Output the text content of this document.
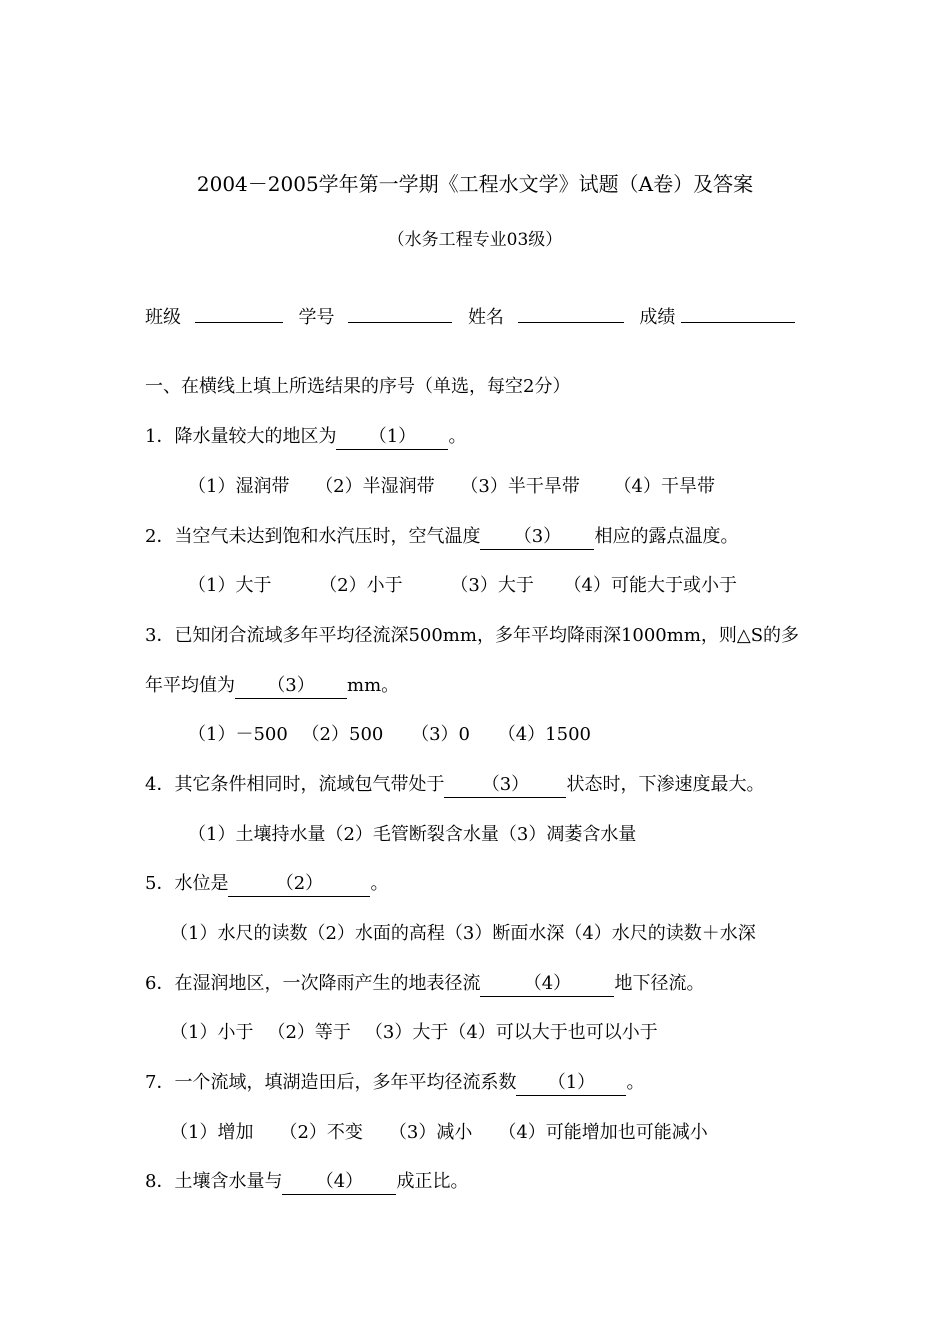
2004－2005学年第一学期《工程水文学》试题（A卷）及答案
（水务工程专业03级）
班级	学号	姓名	成绩
一、在横线上填上所选结果的序号（单选，每空2分）
1．降水量较大的地区为 （1） 。
（1）湿润带 （2）半湿润带 （3）半干旱带 （4）干旱带
2．当空气未达到饱和水汽压时，空气温度 （3） 相应的露点温度。
（1）大于	（2）小于	（3）大于 （4）可能大于或小于
3．已知闭合流域多年平均径流深500mm，多年平均降雨深1000mm，则△S的多
年平均值为 （3） mm。
（1）－500 （2）500 （3）0 （4）1500
4．其它条件相同时，流域包气带处于 （3） 状态时，下渗速度最大。
（1）土壤持水量（2）毛管断裂含水量（3）凋萎含水量
5．水位是	（2）	。
（1）水尺的读数（2）水面的高程（3）断面水深（4）水尺的读数＋水深
6．在湿润地区，一次降雨产生的地表径流 （4） 地下径流。
（1）小于 （2）等于 （3）大于（4）可以大于也可以小于
7．一个流域，填湖造田后，多年平均径流系数 （1） 。
（1）增加 （2）不变 （3）减小 （4）可能增加也可能减小
8．土壤含水量与 （4） 成正比。
